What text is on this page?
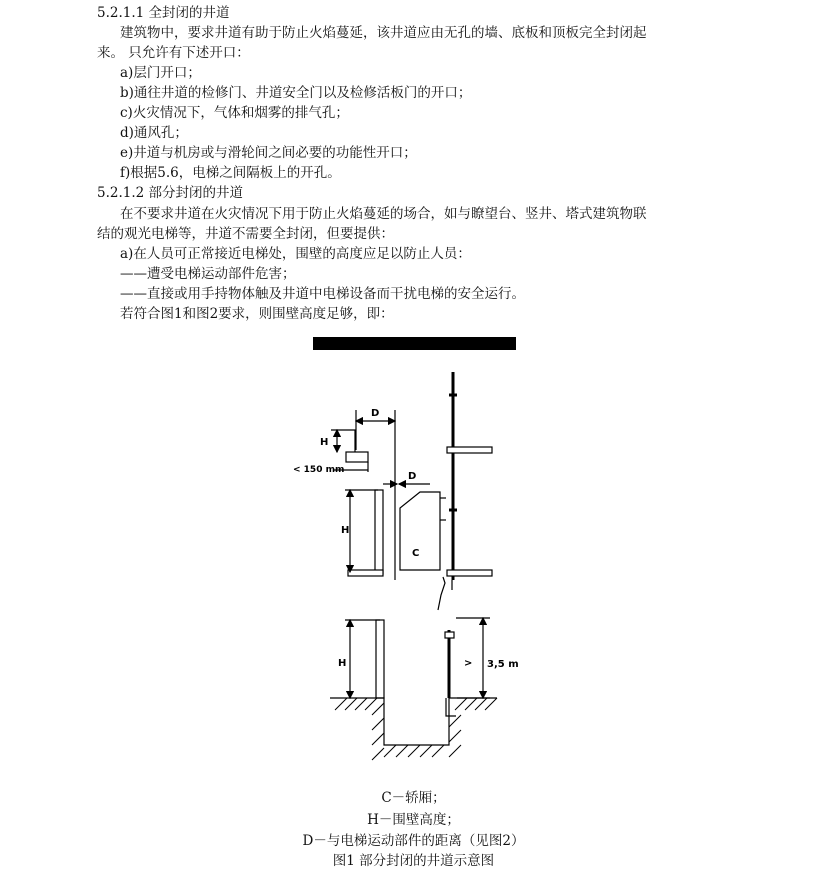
5.2.1.1 全封闭的井道
建筑物中，要求井道有助于防止火焰蔓延，该井道应由无孔的墙、底板和顶板完全封闭起
来。 只允许有下述开口：
a)层门开口；
b)通往井道的检修门、井道安全门以及检修活板门的开口；
c)火灾情况下，气体和烟雾的排气孔；
d)通风孔；
e)井道与机房或与滑轮间之间必要的功能性开口；
f)根据5.6，电梯之间隔板上的开孔。
5.2.1.2 部分封闭的井道
在不要求井道在火灾情况下用于防止火焰蔓延的场合，如与瞭望台、竖井、塔式建筑物联
结的观光电梯等，井道不需要全封闭，但要提供：
a)在人员可正常接近电梯处，围壁的高度应足以防止人员：
——遭受电梯运动部件危害；
——直接或用手持物体触及井道中电梯设备而干扰电梯的安全运行。
若符合图1和图2要求，则围壁高度足够，即：
D
H
< 150 mm
D
H
C
H	> 3,5 m
C－轿厢；
H－围壁高度；
D－与电梯运动部件的距离（见图2）
图1 部分封闭的井道示意图
